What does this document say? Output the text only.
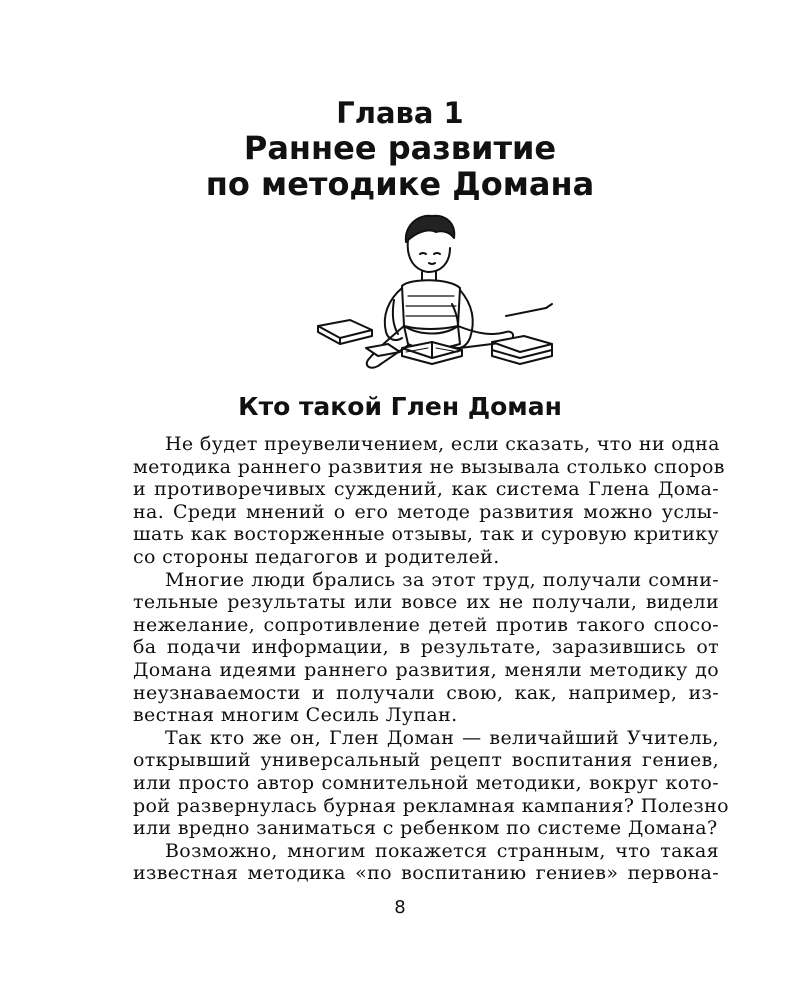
Глава 1
Раннее развитие
по методике Домана
Кто такой Глен Доман
Не будет преувеличением, если сказать, что ни одна
методика раннего развития не вызывала столько споров
и противоречивых суждений, как система Глена Дома-
на. Среди мнений о его методе развития можно услы-
шать как восторженные отзывы, так и суровую критику
со стороны педагогов и родителей.
Многие люди брались за этот труд, получали сомни-
тельные результаты или вовсе их не получали, видели
нежелание, сопротивление детей против такого спосо-
ба подачи информации, в результате, заразившись от
Домана идеями раннего развития, меняли методику до
неузнаваемости и получали свою, как, например, из-
вестная многим Сесиль Лупан.
Так кто же он, Глен Доман — величайший Учитель,
открывший универсальный рецепт воспитания гениев,
или просто автор сомнительной методики, вокруг кото-
рой развернулась бурная рекламная кампания? Полезно
или вредно заниматься с ребенком по системе Домана?
Возможно, многим покажется странным, что такая
известная методика «по воспитанию гениев» первона-
8
